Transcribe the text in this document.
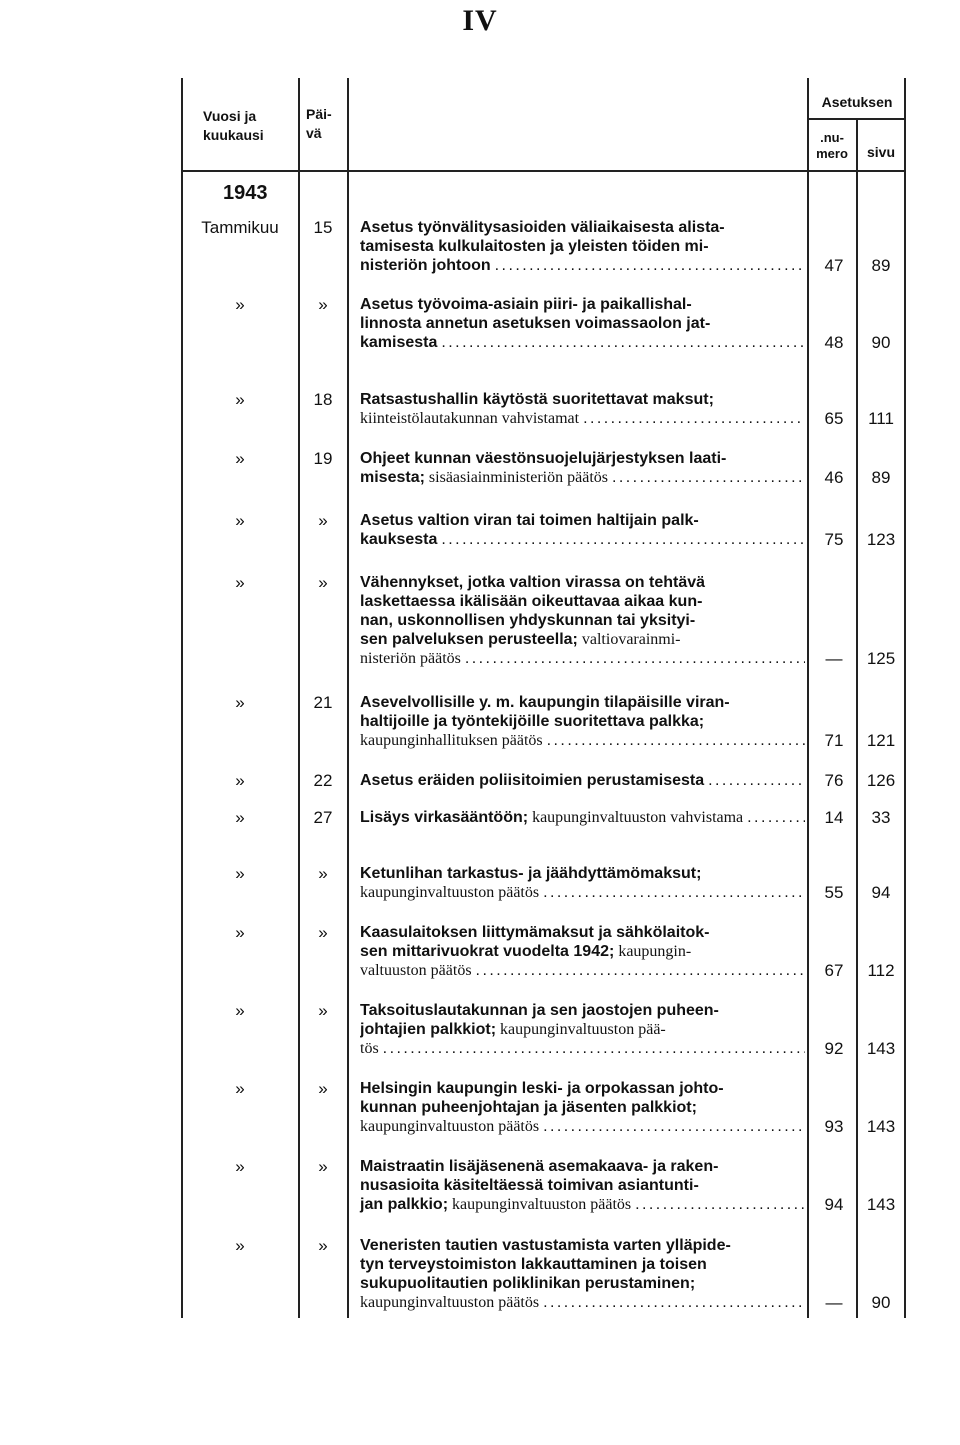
IV
Vuosi ja kuukausi
Päi-vä
Asetuksen
.nu-mero	sivu
1943
Tammikuu	15	Asetus työnvälitysasioiden väliaikaisesta alista-
tamisesta kulkulaitosten ja yleisten töiden mi-
nisteriön johtoon . . .	47	89
»	»	Asetus työvoima-asiain piiri- ja paikallishal-
linnosta annetun asetuksen voimassaolon jat-
kamisesta . . .	48	90
»	18	Ratsastushallin käytöstä suoritettavat maksut;
kiinteistölautakunnan vahvistamat . . .	65	111
»	19	Ohjeet kunnan väestönsuojelujärjestyksen laati-
misesta; sisäasiainministeriön päätös . . .	46	89
»	»	Asetus valtion viran tai toimen haltijain palk-
kauksesta . . .	75	123
»	»	Vähennykset, jotka valtion virassa on tehtävä
laskettaessa ikälisään oikeuttavaa aikaa kun-
nan, uskonnollisen yhdyskunnan tai yksityi-
sen palveluksen perusteella; valtiovarainmi-
nisteriön päätös . . .	—	125
»	21	Asevelvollisille y. m. kaupungin tilapäisille viran-
haltijoille ja työntekijöille suoritettava palkka;
kaupunginhallituksen päätös . . .	71	121
»	22	Asetus eräiden poliisitoimien perustamisesta . . .	76	126
»	27	Lisäys virkasääntöön; kaupunginvaltuuston vahvistama . . .	14	33
»	»	Ketunlihan tarkastus- ja jäähdyttämömaksut;
kaupunginvaltuuston päätös . . .	55	94
»	»	Kaasulaitoksen liittymämaksut ja sähkölaitok-
sen mittarivuokrat vuodelta 1942; kaupungin-
valtuuston päätös . . .	67	112
»	»	Taksoituslautakunnan ja sen jaostojen puheen-
johtajien palkkiot; kaupunginvaltuuston pää-
tös . . .	92	143
»	»	Helsingin kaupungin leski- ja orpokassan johto-
kunnan puheenjohtajan ja jäsenten palkkiot;
kaupunginvaltuuston päätös . . .	93	143
»	»	Maistraatin lisäjäsenenä asemakaava- ja raken-
nusasioita käsiteltäessä toimivan asiantunti-
jan palkkio; kaupunginvaltuuston päätös . . .	94	143
»	»	Veneristen tautien vastustamista varten ylläpide-
tyn terveystoimiston lakkauttaminen ja toisen
sukupuolitautien poliklinikan perustaminen;
kaupunginvaltuuston päätös . . .	—	90
